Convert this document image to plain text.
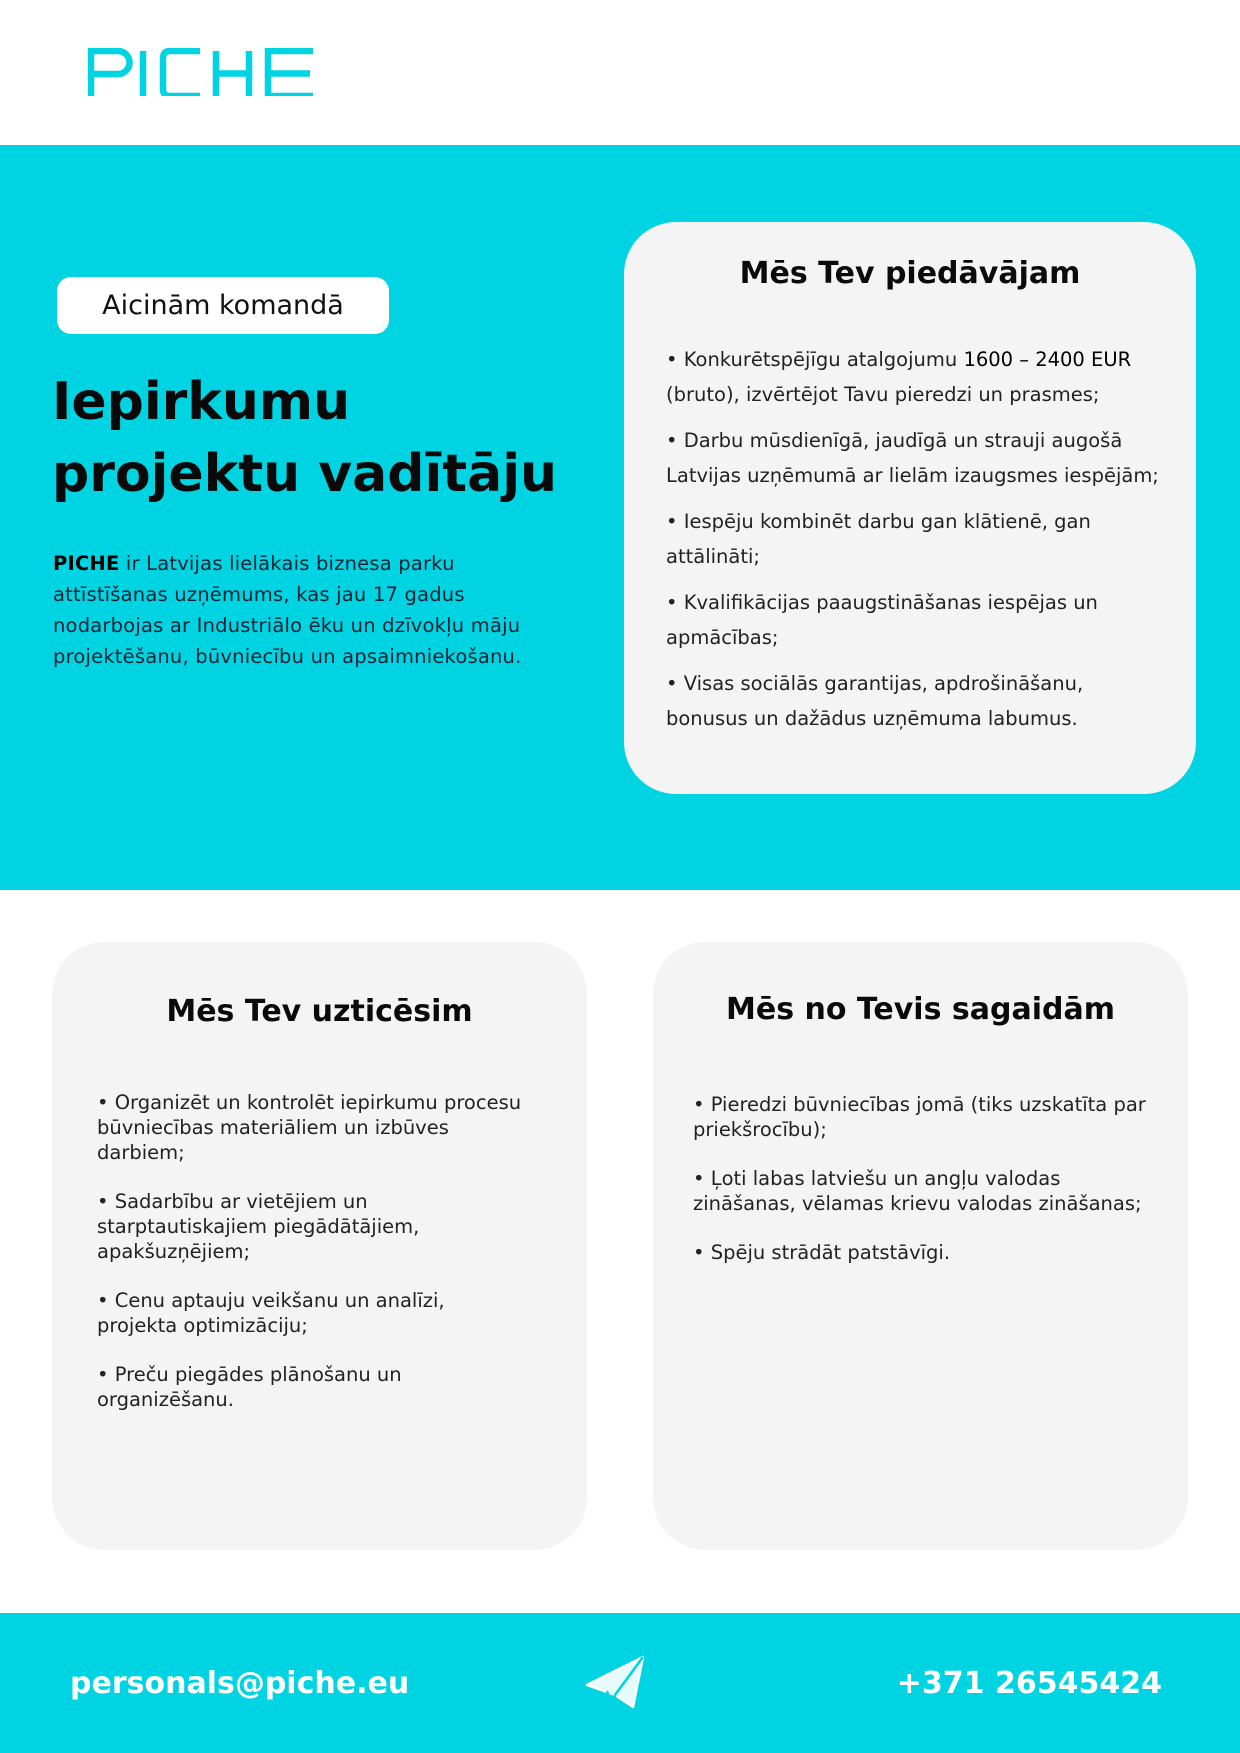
Aicinām komandā
Iepirkumu
projektu vadītāju

PICHE ir Latvijas lielākais biznesa parku attīstīšanas uzņēmums, kas jau 17 gadus nodarbojas ar Industriālo ēku un dzīvokļu māju projektēšanu, būvniecību un apsaimniekošanu.

Mēs Tev piedāvājam
• Konkurētspējīgu atalgojumu 1600 – 2400 EUR (bruto), izvērtējot Tavu pieredzi un prasmes;
• Darbu mūsdienīgā, jaudīgā un strauji augošā Latvijas uzņēmumā ar lielām izaugsmes iespējām;
• Iespēju kombinēt darbu gan klātienē, gan attālināti;
• Kvalifikācijas paaugstināšanas iespējas un apmācības;
• Visas sociālās garantijas, apdrošināšanu, bonusus un dažādus uzņēmuma labumus.
Mēs Tev uzticēsim
• Organizēt un kontrolēt iepirkumu procesu būvniecības materiāliem un izbūves darbiem;
• Sadarbību ar vietējiem un starptautiskajiem piegādātājiem, apakšuzņējiem;
• Cenu aptauju veikšanu un analīzi, projekta optimizāciju;
• Preču piegādes plānošanu un organizēšanu.
Mēs no Tevis sagaidām
• Pieredzi būvniecības jomā (tiks uzskatīta par priekšrocību);
• Ļoti labas latviešu un angļu valodas zināšanas, vēlamas krievu valodas zināšanas;
• Spēju strādāt patstāvīgi.
personals@piche.eu	+371 26545424
